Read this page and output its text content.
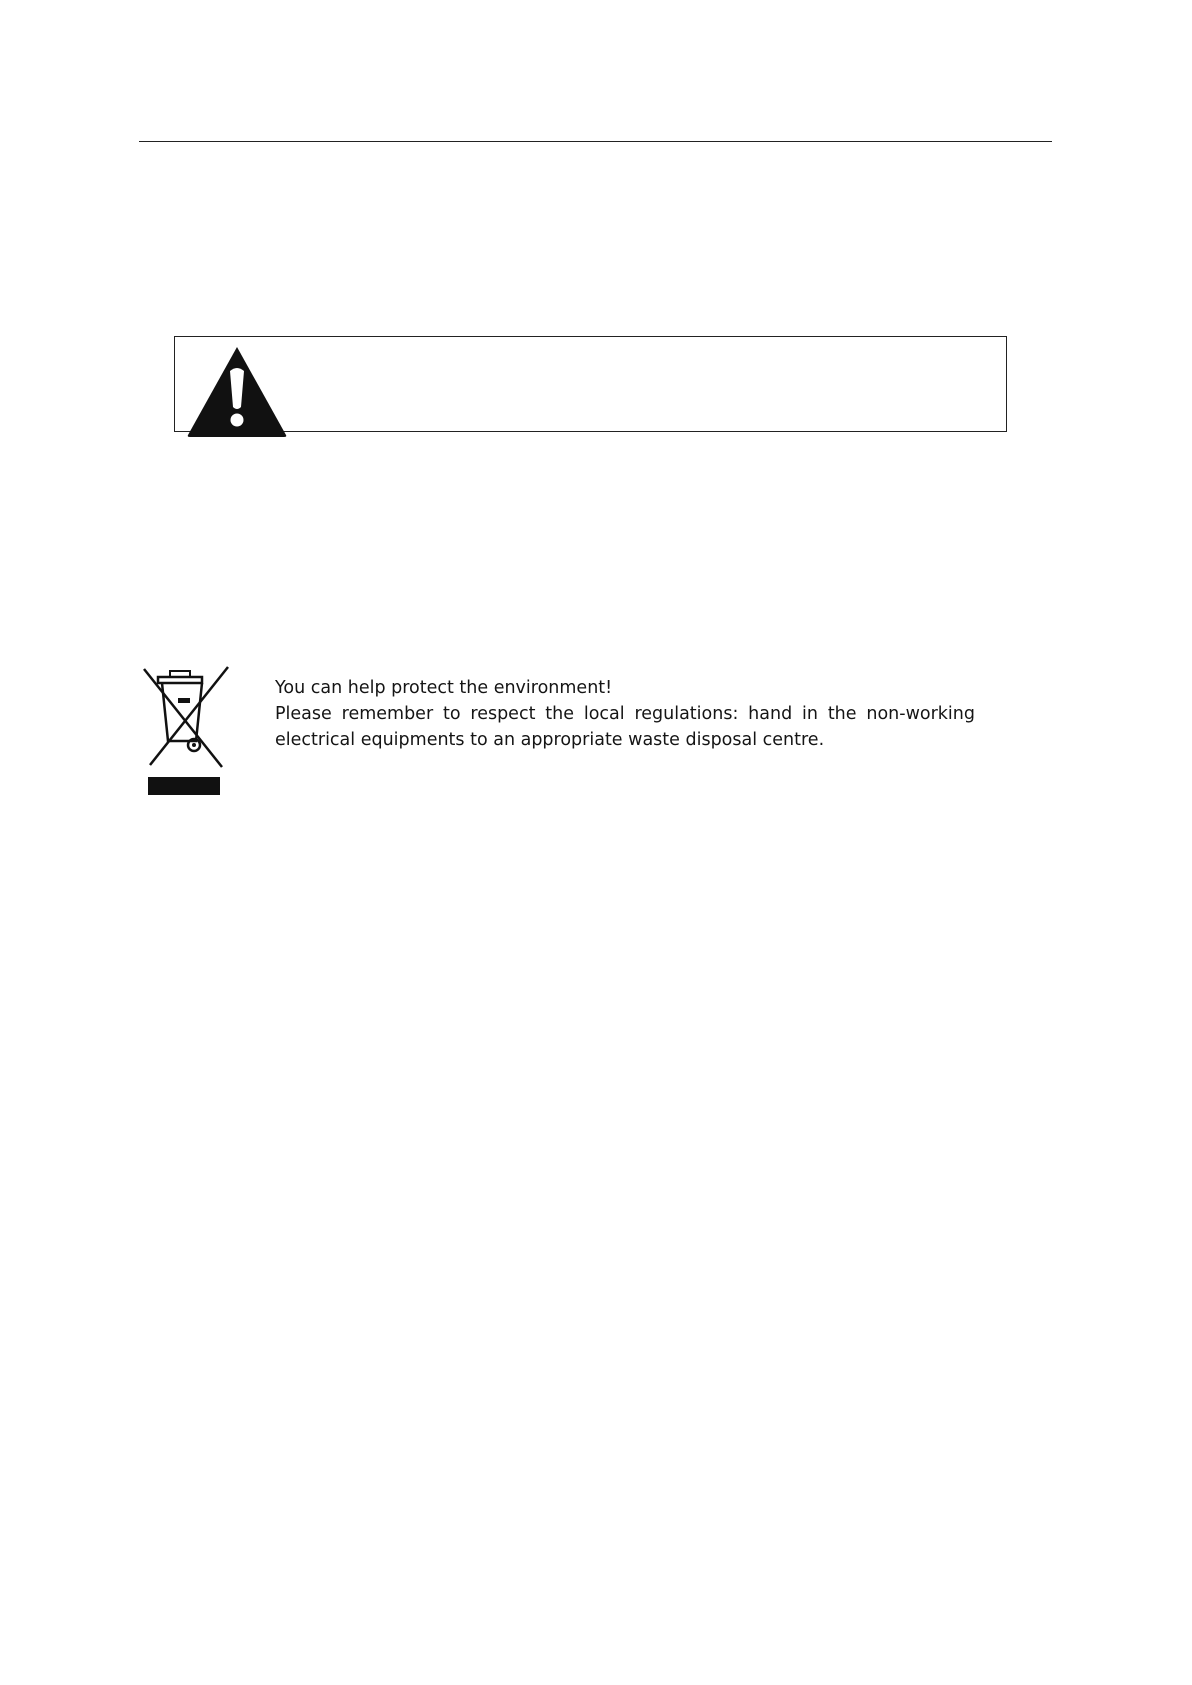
You can help protect the environment!
Please remember to respect the local regulations: hand in the non-working
electrical equipments to an appropriate waste disposal centre.
